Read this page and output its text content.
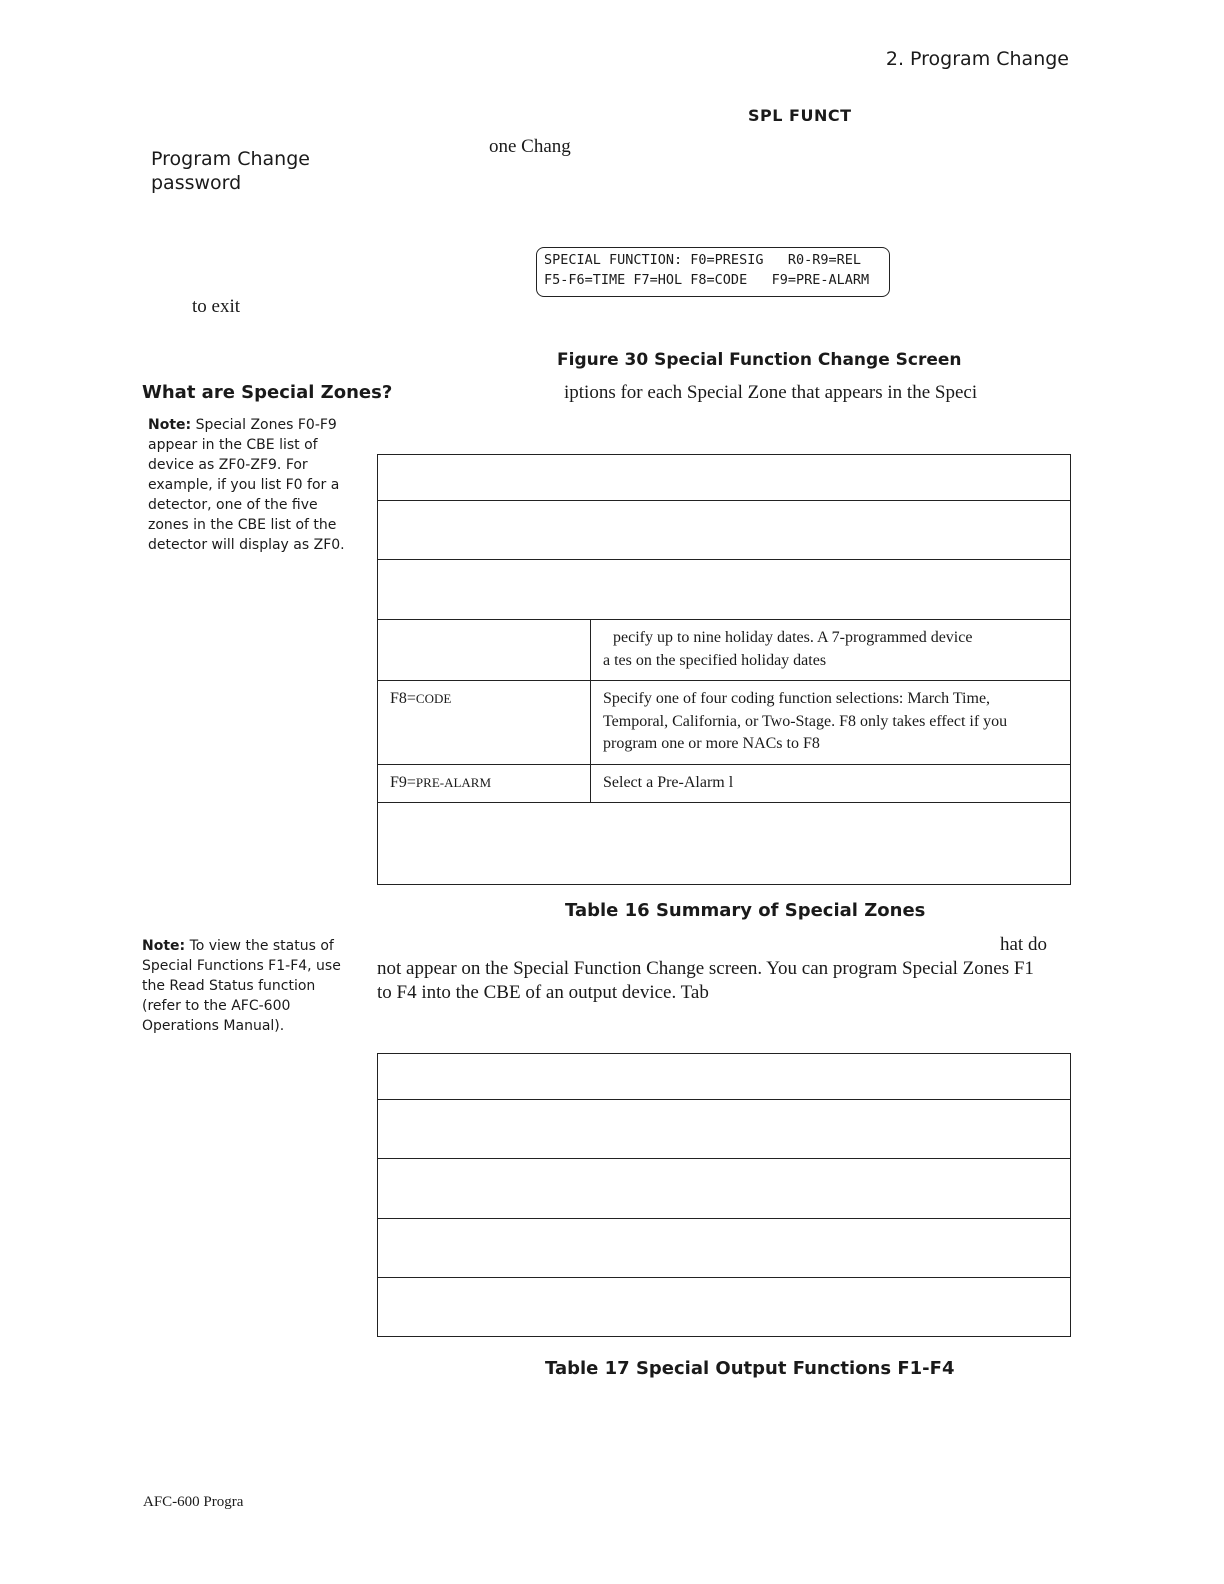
2. Program Change
SPL FUNCT
one Chang
Program Change password
to exit
SPECIAL FUNCTION: F0=PRESIG   R0-R9=REL
F5-F6=TIME F7=HOL F8=CODE   F9=PRE-ALARM
Figure 30 Special Function Change Screen
What are Special Zones?	iptions for each Special Zone that appears in the Speci
Note: Special Zones F0-F9 appear in the CBE list of device as ZF0-ZF9. For example, if you list F0 for a detector, one of the five zones in the CBE list of the detector will display as ZF0.

	pecify up to nine holiday dates. A 7-programmed device
a tes on the specified holiday dates

F8=CODE	Specify one of four coding function selections: March Time, Temporal, California, or Two-Stage. F8 only takes effect if you program one or more NACs to F8
F9=PRE-ALARM	Select a Pre-Alarm l

Table 16 Summary of Special Zones
Note: To view the status of Special Functions F1-F4, use the Read Status function (refer to the AFC-600 Operations Manual).
hat do
not appear on the Special Function Change screen. You can program Special Zones F1
to F4 into the CBE of an output device. Tab

Table 17 Special Output Functions F1-F4
AFC-600 Progra
